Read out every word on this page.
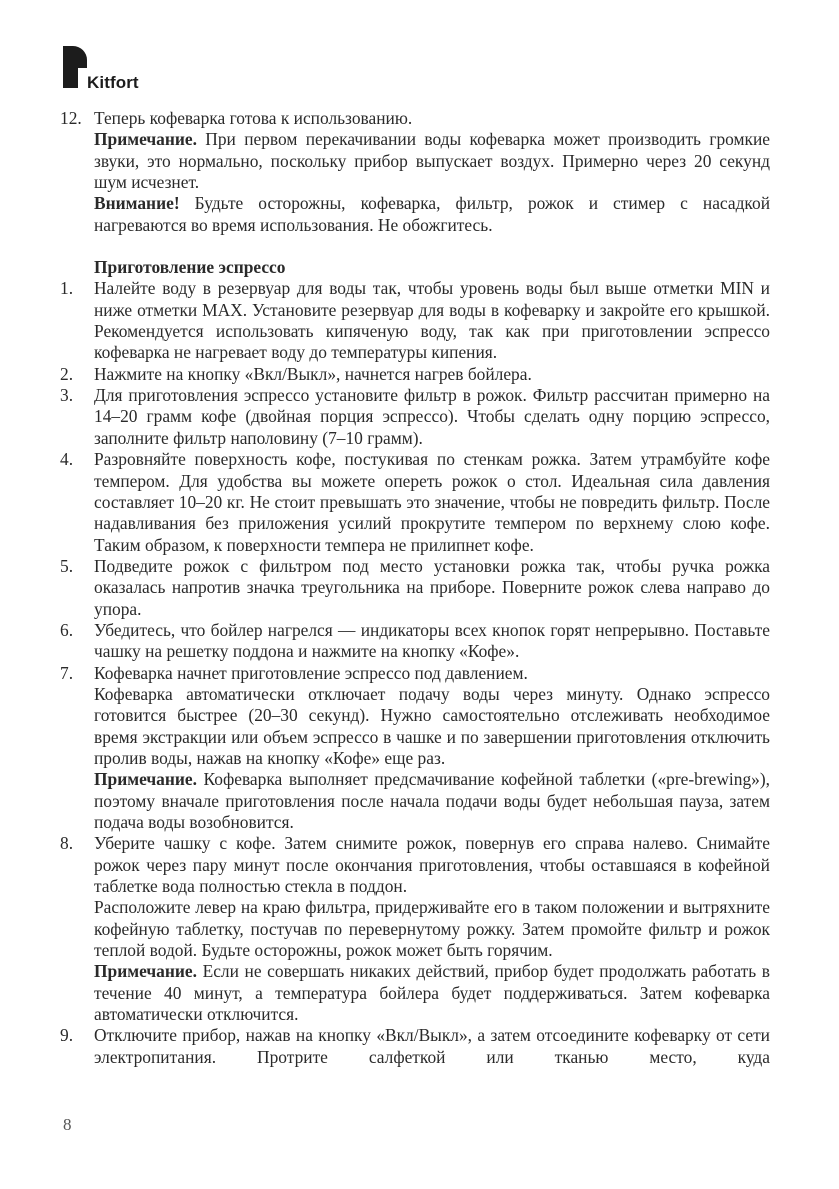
Kitfort
12. Теперь кофеварка готова к использованию.

Примечание. При первом перекачивании воды кофеварка может производить громкие звуки, это нормально, поскольку прибор выпускает воздух. Примерно через 20 секунд шум исчезнет.

Внимание! Будьте осторожны, кофеварка, фильтр, рожок и стимер с насадкой нагреваются во время использования. Не обожгитесь.

Приготовление эспрессо
1.	Налейте воду в резервуар для воды так, чтобы уровень воды был выше отметки MIN и ниже отметки MAX. Установите резервуар для воды в кофеварку и закройте его крышкой. Рекомендуется использовать кипяченую воду, так как при приготовлении эспрессо кофеварка не нагревает воду до температуры кипения.

2.	Нажмите на кнопку «Вкл/Выкл», начнется нагрев бойлера.

3.	Для приготовления эспрессо установите фильтр в рожок. Фильтр рассчитан примерно на 14–20 грамм кофе (двойная порция эспрессо). Чтобы сделать одну порцию эспрессо, заполните фильтр наполовину (7–10 грамм).

4.	Разровняйте поверхность кофе, постукивая по стенкам рожка. Затем утрамбуйте кофе темпером. Для удобства вы можете опереть рожок о стол. Идеальная сила давления составляет 10–20 кг. Не стоит превышать это значение, чтобы не повредить фильтр. После надавливания без приложения усилий прокрутите темпером по верхнему слою кофе. Таким образом, к поверхности темпера не прилипнет кофе.

5.	Подведите рожок с фильтром под место установки рожка так, чтобы ручка рожка оказалась напротив значка треугольника на приборе. Поверните рожок слева направо до упора.

6.	Убедитесь, что бойлер нагрелся — индикаторы всех кнопок горят непрерывно. Поставьте чашку на решетку поддона и нажмите на кнопку «Кофе».

7.	Кофеварка начнет приготовление эспрессо под давлением.

Кофеварка автоматически отключает подачу воды через минуту. Однако эспрессо готовится быстрее (20–30 секунд). Нужно самостоятельно отслеживать необходимое время экстракции или объем эспрессо в чашке и по завершении приготовления отключить пролив воды, нажав на кнопку «Кофе» еще раз.

Примечание. Кофеварка выполняет предсмачивание кофейной таблетки («pre-brewing»), поэтому вначале приготовления после начала подачи воды будет небольшая пауза, затем подача воды возобновится.

8.	Уберите чашку с кофе. Затем снимите рожок, повернув его справа налево. Снимайте рожок через пару минут после окончания приготовления, чтобы оставшаяся в кофейной таблетке вода полностью стекла в поддон.

Расположите левер на краю фильтра, придерживайте его в таком положении и вытряхните кофейную таблетку, постучав по перевернутому рожку. Затем промойте фильтр и рожок теплой водой. Будьте осторожны, рожок может быть горячим.

Примечание. Если не совершать никаких действий, прибор будет продолжать работать в течение 40 минут, а температура бойлера будет поддерживаться. Затем кофеварка автоматически отключится.

9.	Отключите прибор, нажав на кнопку «Вкл/Выкл», а затем отсоедините кофеварку от сети электропитания. Протрите салфеткой или тканью место, куда

8
